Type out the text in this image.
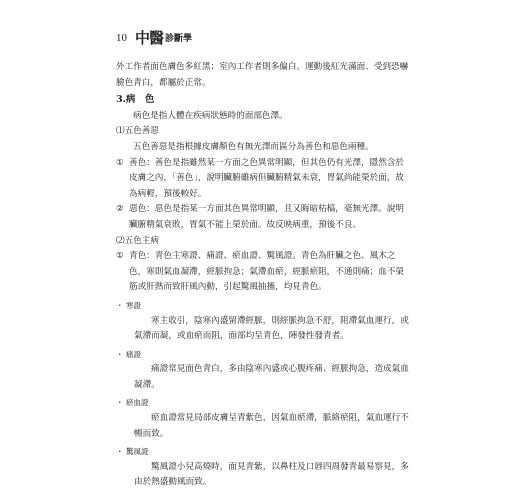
10 中醫 診斷學

外工作者面色膚色多紅黑；室內工作者則多偏白。運動後紅光滿面、受到恐嚇

臉色青白，都屬於正常。

3.病　色

病色是指人體在疾病狀態時的面部色澤。

⑴五色善惡

五色善惡是指根據皮膚顏色有無光澤而區分為善色和惡色兩種。

① 善色：善色是指雖然某一方面之色異常明顯，但其色仍有光澤，隱然含於皮膚之內，「善色」，說明臟腑雖病但臟腑精氣未衰，胃氣尚能榮於面，故為病輕，預後較好。
② 惡色：惡色是指某一方面其色異常明顯，且又晦暗枯槁，毫無光澤。說明臟腑精氣衰敗，胃氣不能上榮於面。故反映病重，預後不良。

⑵五色主病

① 青色：青色主寒證、痛證、瘀血證、驚風證。青色為肝臟之色、風木之色，寒則氣血凝滯，經脈拘急；氣滯血瘀，經脈瘀阻，不通則痛；血不榮筋或肝熱而致肝風內動，引起驚風抽搐，均見青色。

・ 寒證

寒主收引，陰寒內盛留滯經脈，則經脈拘急不舒，阻滯氣血運行，或氣滯而凝，或血瘀而阻，面部均呈青色，陣發性發青者。

・ 痛證

痛證常見面色青白，多由陰寒內盛或心腹疼痛、經脈拘急，造成氣血凝滯。

・ 瘀血證

瘀血證常見局部皮膚呈青紫色，因氣血瘀滯，脈絡瘀阻，氣血運行不暢而致。

・ 驚風證

驚風證小兒高燒時，面見青紫，以鼻柱及口唇四周發青最易察見，多由於熱盛動風而致。
